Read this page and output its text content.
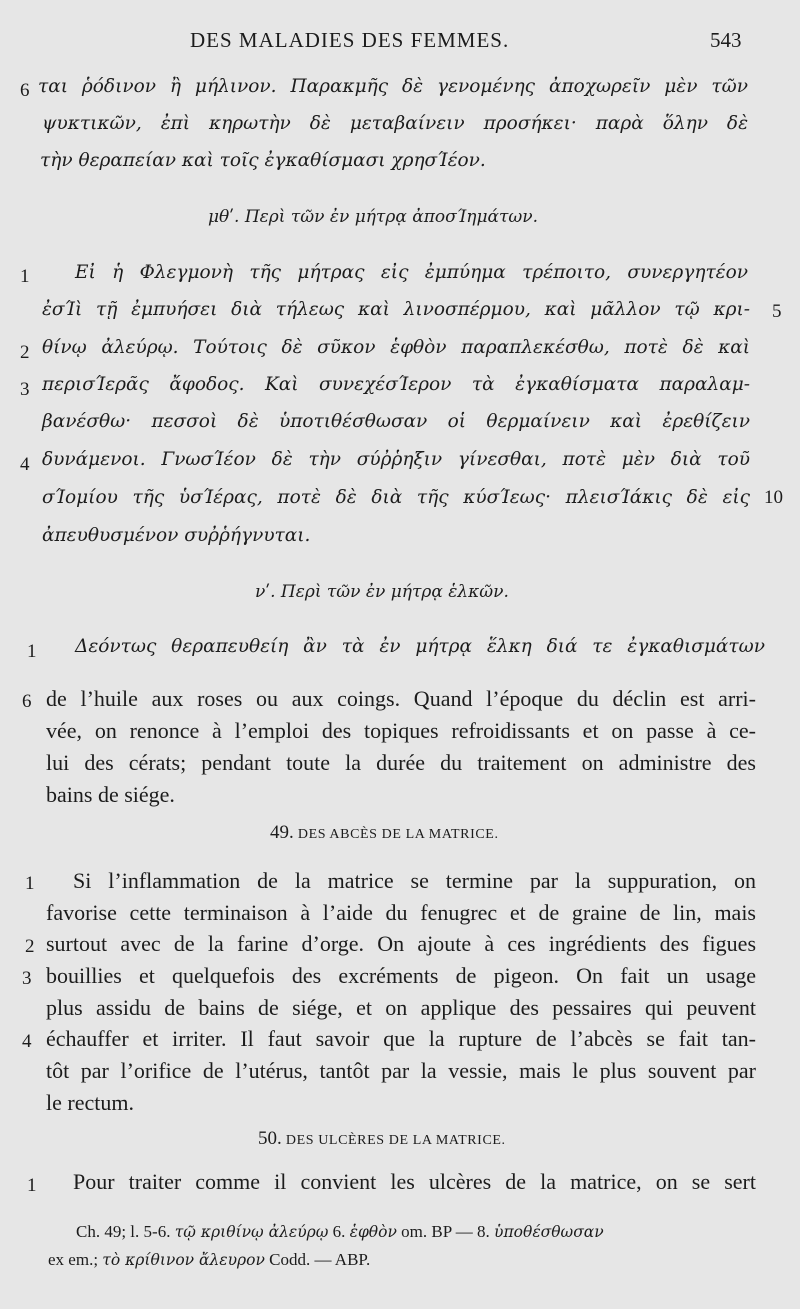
DES MALADIES DES FEMMES.	543
6 ται ῥόδινον ἢ μήλινον. Παρακμῆς δὲ γενομένης ἀποχωρεῖν μὲν τῶν
ψυκτικῶν, ἐπὶ κηρωτὴν δὲ μεταβαίνειν προσήκει· παρὰ ὅλην δὲ
τὴν θεραπείαν καὶ τοῖς ἐγκαθίσμασι χρησΊέον.
μθʹ. Περὶ τῶν ἐν μήτρᾳ ἀποσΊημάτων.
1 Εἰ ἡ Φλεγμονὴ τῆς μήτρας εἰς ἐμπύημα τρέποιτο, συνεργητέον
ἐσΊὶ τῇ ἐμπυήσει διὰ τήλεως καὶ λινοσπέρμου, καὶ μᾶλλον τῷ κρι- 5
2 θίνῳ ἀλεύρῳ. Τούτοις δὲ σῦκον ἑφθὸν παραπλεκέσθω, ποτὲ δὲ καὶ
3 περισΊερᾶς ἄφοδος. Καὶ συνεχέσΊερον τὰ ἐγκαθίσματα παραλαμ-
βανέσθω· πεσσοὶ δὲ ὑποτιθέσθωσαν οἱ θερμαίνειν καὶ ἐρεθίζειν
4 δυνάμενοι. ΓνωσΊέον δὲ τὴν σύῤῥηξιν γίνεσθαι, ποτὲ μὲν διὰ τοῦ
σΊομίου τῆς ὑσΊέρας, ποτὲ δὲ διὰ τῆς κύσΊεως· πλεισΊάκις δὲ εἰς 10
ἀπευθυσμένον συῤῥήγνυται.
νʹ. Περὶ τῶν ἐν μήτρᾳ ἑλκῶν.
1 Δεόντως θεραπευθείη ἂν τὰ ἐν μήτρᾳ ἕλκη διά τε ἐγκαθισμάτων
6 de l’huile aux roses ou aux coings. Quand l’époque du déclin est arri-
vée, on renonce à l’emploi des topiques refroidissants et on passe à ce-
lui des cérats; pendant toute la durée du traitement on administre des
bains de siége.
49. DES ABCÈS DE LA MATRICE.
1 Si l’inflammation de la matrice se termine par la suppuration, on
favorise cette terminaison à l’aide du fenugrec et de graine de lin, mais
2 surtout avec de la farine d’orge. On ajoute à ces ingrédients des figues
3 bouillies et quelquefois des excréments de pigeon. On fait un usage
plus assidu de bains de siége, et on applique des pessaires qui peuvent
4 échauffer et irriter. Il faut savoir que la rupture de l’abcès se fait tan-
tôt par l’orifice de l’utérus, tantôt par la vessie, mais le plus souvent par
le rectum.
50. DES ULCÈRES DE LA MATRICE.
1 Pour traiter comme il convient les ulcères de la matrice, on se sert
Ch. 49; l. 5-6. τῷ κριθίνῳ ἀλεύρῳ 6. ἑφθὸν om. BP — 8. ὑποθέσθωσαν
ex em.; τὸ κρίθινον ἄλευρον Codd. — ABP.
